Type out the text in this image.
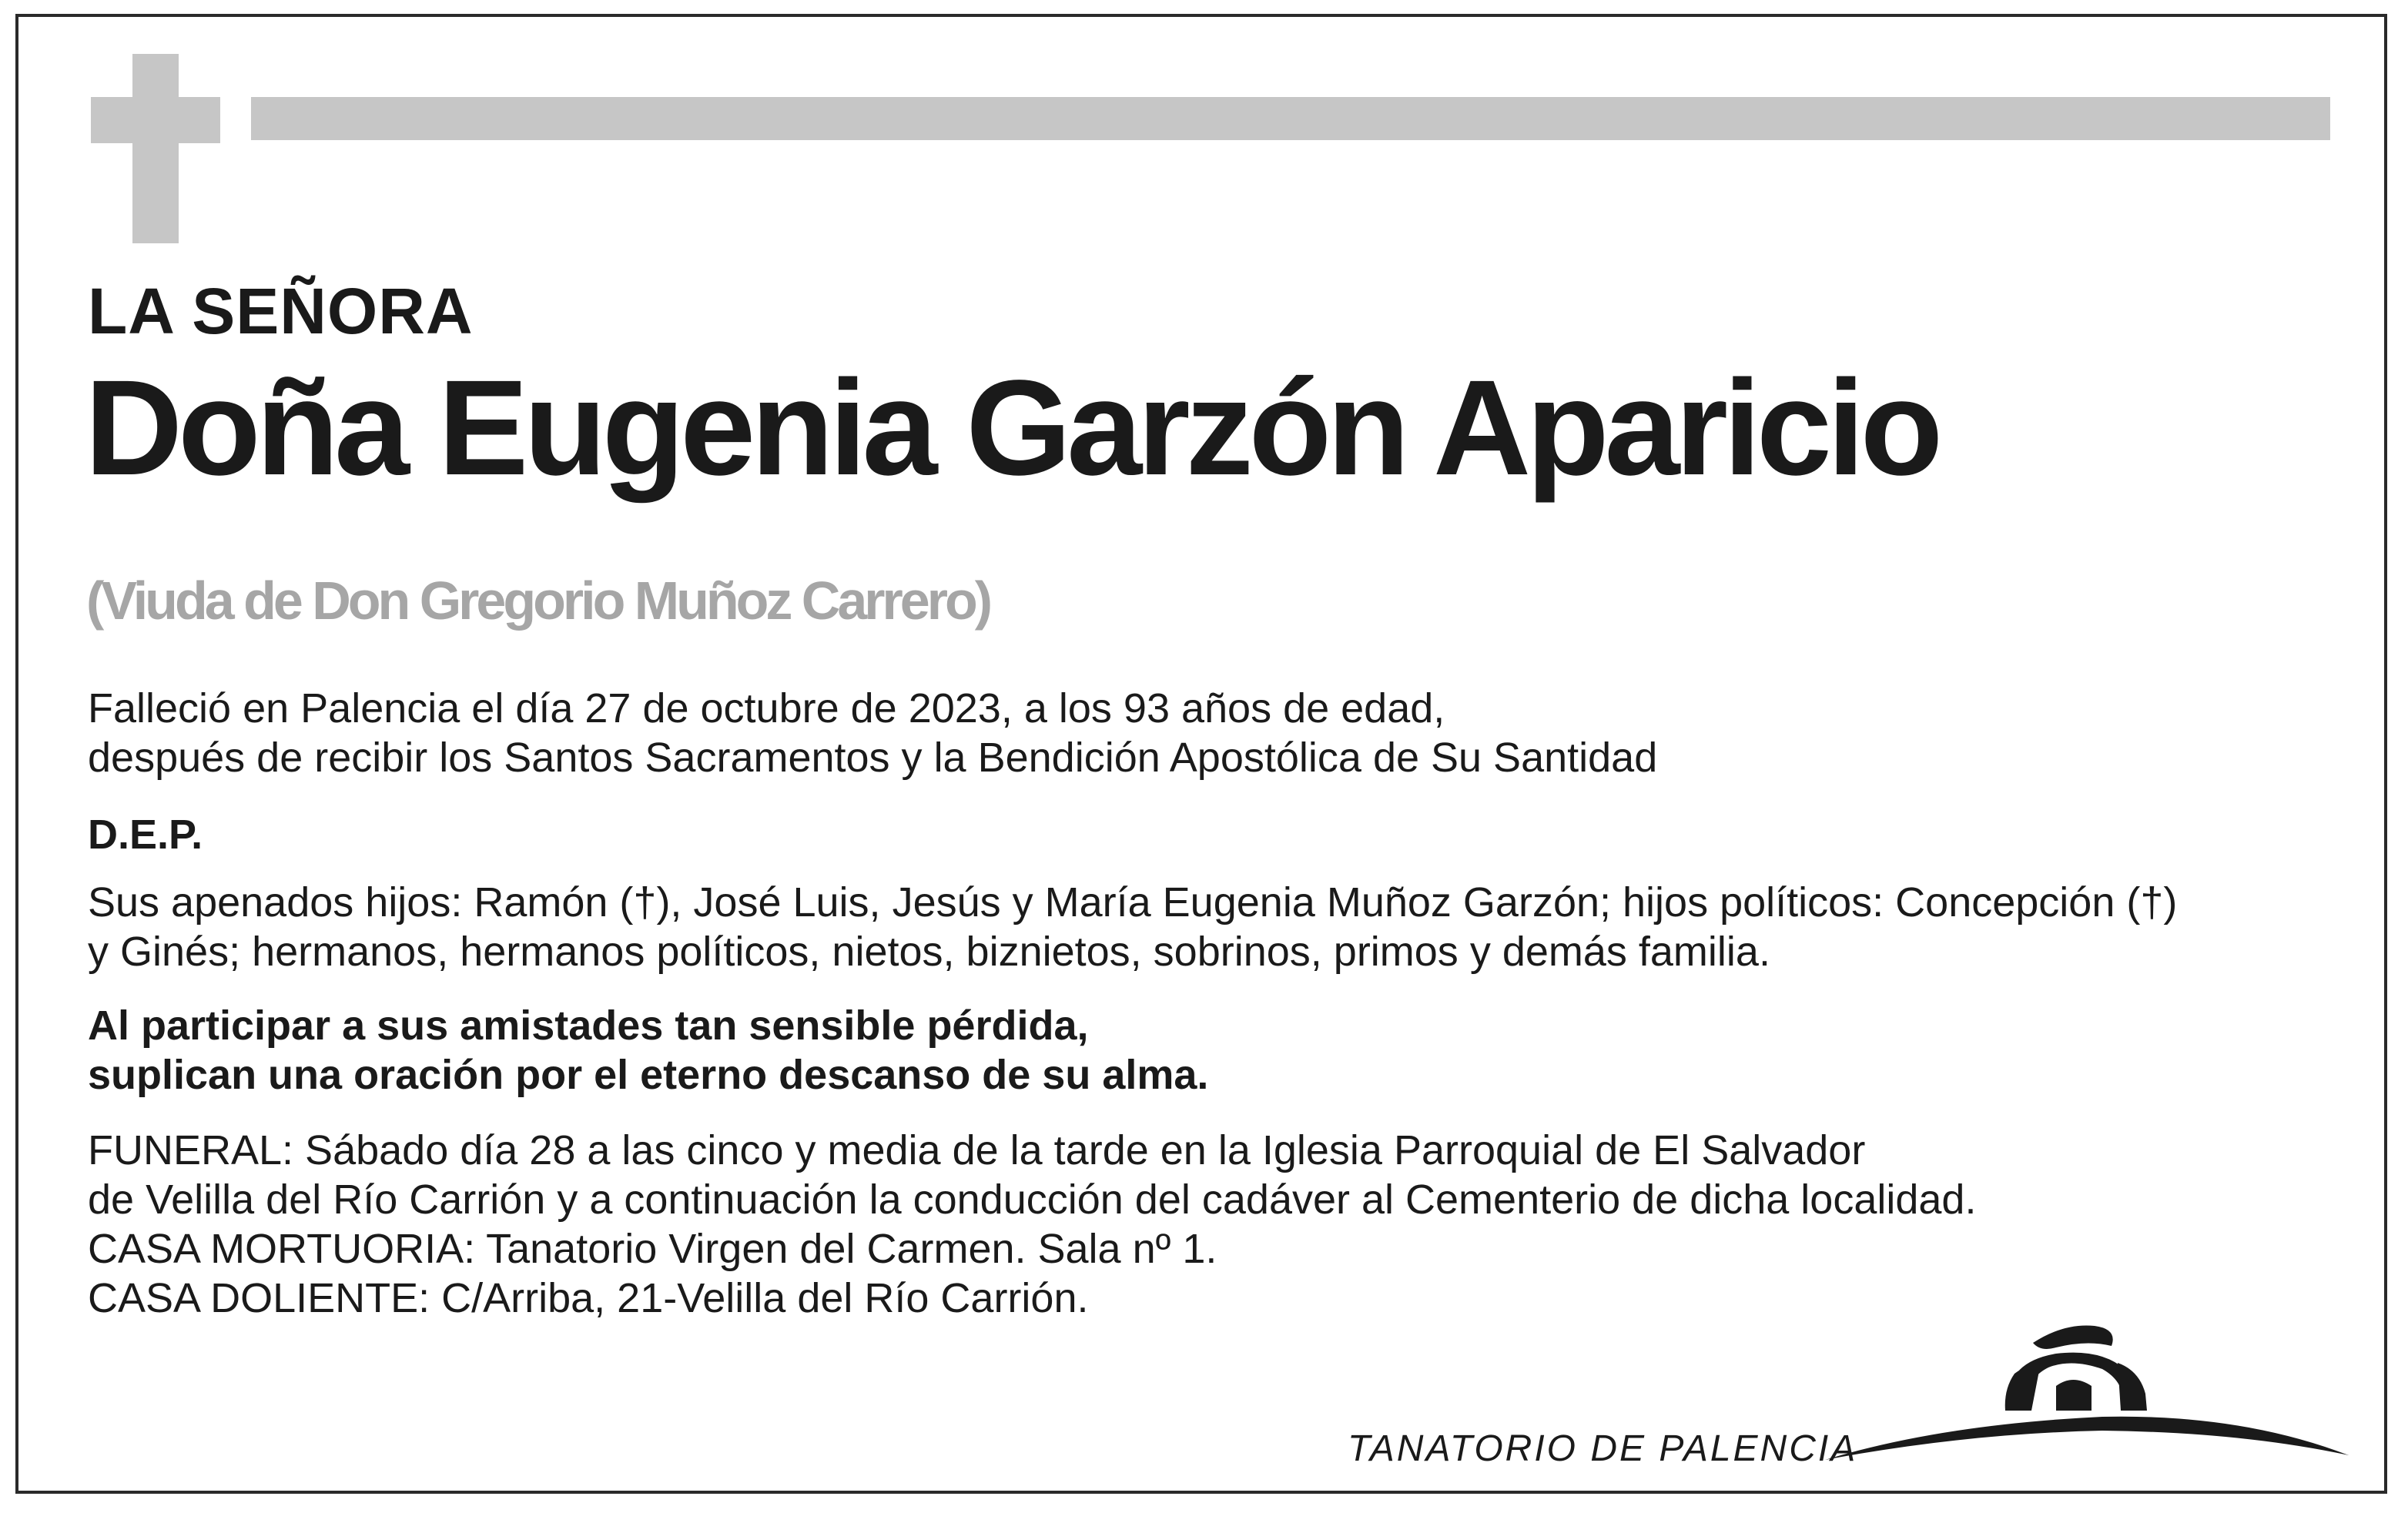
LA SEÑORA
Doña Eugenia Garzón Aparicio
(Viuda de Don Gregorio Muñoz Carrero)
Falleció en Palencia el día 27 de octubre de 2023, a los 93 años de edad,
después de recibir los Santos Sacramentos y la Bendición Apostólica de Su Santidad
D.E.P.
Sus apenados hijos: Ramón (†), José Luis, Jesús y María Eugenia Muñoz Garzón; hijos políticos: Concepción (†)
y Ginés; hermanos, hermanos políticos, nietos, biznietos, sobrinos, primos y demás familia.
Al participar a sus amistades tan sensible pérdida,
suplican una oración por el eterno descanso de su alma.
FUNERAL: Sábado día 28 a las cinco y media de la tarde en la Iglesia Parroquial de El Salvador
de Velilla del Río Carrión y a continuación la conducción del cadáver al Cementerio de dicha localidad.
CASA MORTUORIA: Tanatorio Virgen del Carmen. Sala nº 1.
CASA DOLIENTE: C/Arriba, 21-Velilla del Río Carrión.
TANATORIO DE PALENCIA
